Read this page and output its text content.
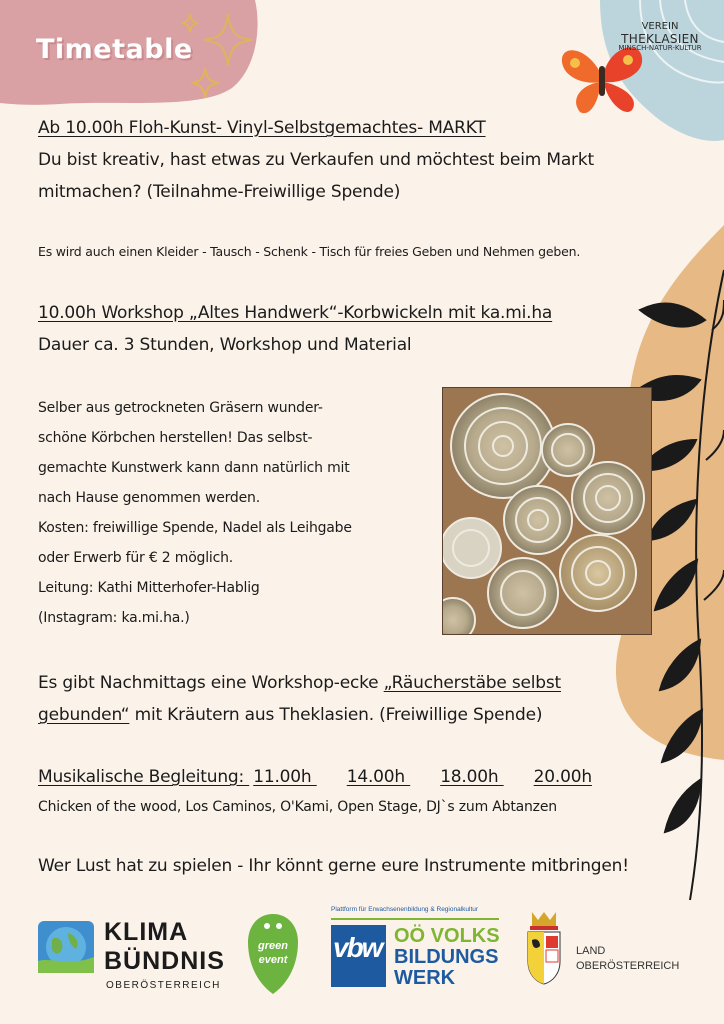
Timetable
VEREIN
THEKLASIEN
MINSCH-NATUR-KULTUR
Ab 10.00h Floh-Kunst- Vinyl-Selbstgemachtes- MARKT
Du bist kreativ, hast etwas zu Verkaufen und möchtest beim Markt
mitmachen? (Teilnahme-Freiwillige Spende)
Es wird auch einen Kleider - Tausch - Schenk - Tisch für freies Geben und Nehmen geben.
10.00h Workshop „Altes Handwerk“-Korbwickeln mit ka.mi.ha
Dauer ca. 3 Stunden, Workshop und Material
Selber aus getrockneten Gräsern wunder-
schöne Körbchen herstellen! Das selbst-
gemachte Kunstwerk kann dann natürlich mit
nach Hause genommen werden.
Kosten: freiwillige Spende, Nadel als Leihgabe
oder Erwerb für € 2 möglich.
Leitung: Kathi Mitterhofer-Hablig
(Instagram: ka.mi.ha.)
Es gibt Nachmittags eine Workshop-ecke „Räucherstäbe selbst
gebunden“ mit Kräutern aus Theklasien. (Freiwillige Spende)
Musikalische Begleitung: 11.00h 14.00h 18.00h 20.00h
Chicken of the wood, Los Caminos, O'Kami, Open Stage, DJ`s zum Abtanzen
Wer Lust hat zu spielen - Ihr könnt gerne eure Instrumente mitbringen!
KLIMA
BÜNDNIS
OBERÖSTERREICH
green
event
Plattform für Erwachsenenbildung & Regionalkultur
vbw OÖ VOLKS
BILDUNGS
WERK
LAND
OBERÖSTERREICH
